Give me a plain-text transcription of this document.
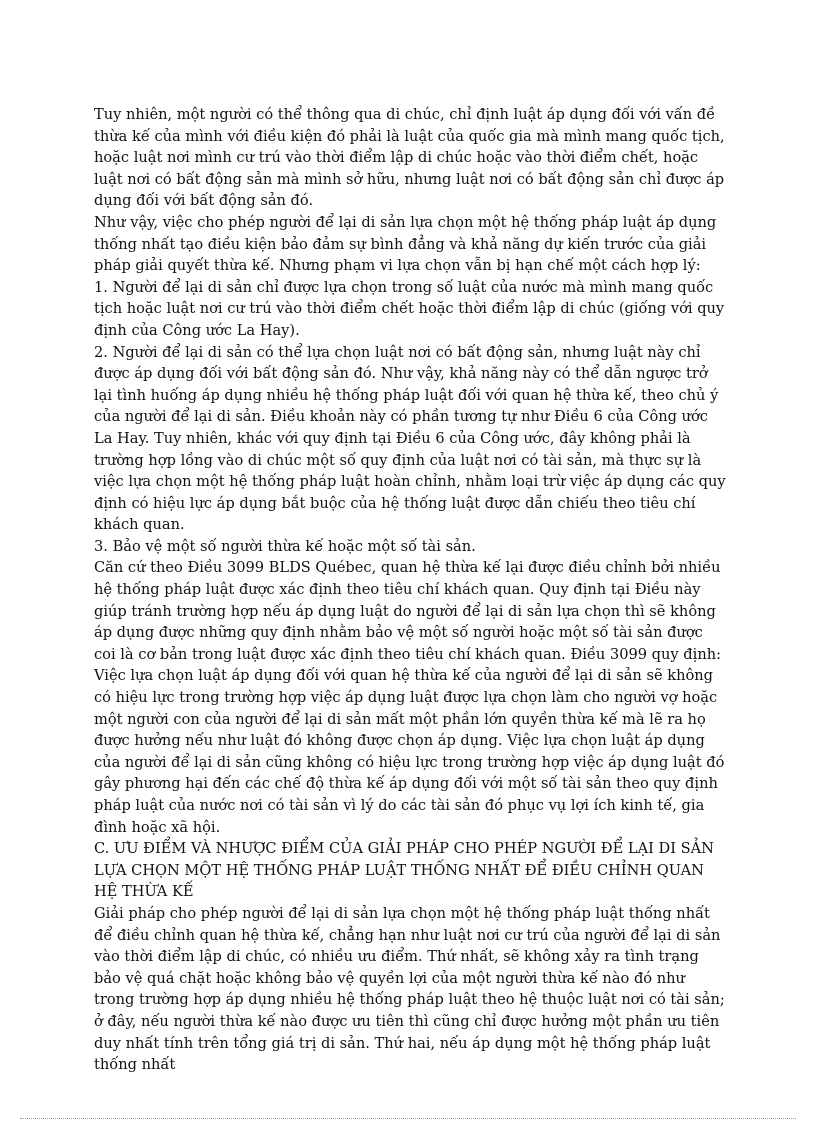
Tuy nhiên, một người có thể thông qua di chúc, chỉ định luật áp dụng đối với vấn đề thừa kế của mình với điều kiện đó phải là luật của quốc gia mà mình mang quốc tịch, hoặc luật nơi mình cư trú vào thời điểm lập di chúc hoặc vào thời điểm chết, hoặc luật nơi có bất động sản mà mình sở hữu, nhưng luật nơi có bất động sản chỉ được áp dụng đối với bất động sản đó.

Như vậy, việc cho phép người để lại di sản lựa chọn một hệ thống pháp luật áp dụng thống nhất tạo điều kiện bảo đảm sự bình đẳng và khả năng dự kiến trước của giải pháp giải quyết thừa kế. Nhưng phạm vi lựa chọn vẫn bị hạn chế một cách hợp lý:

1. Người để lại di sản chỉ được lựa chọn trong số luật của nước mà mình mang quốc tịch hoặc luật nơi cư trú vào thời điểm chết hoặc thời điểm lập di chúc (giống với quy định của Công ước La Hay).

2. Người để lại di sản có thể lựa chọn luật nơi có bất động sản, nhưng luật này chỉ được áp dụng đối với bất động sản đó. Như vậy, khả năng này có thể dẫn ngược trở lại tình huống áp dụng nhiều hệ thống pháp luật đối với quan hệ thừa kế, theo chủ ý của người để lại di sản. Điều khoản này có phần tương tự như Điều 6 của Công ước La Hay. Tuy nhiên, khác với quy định tại Điều 6 của Công ước, đây không phải là trường hợp lồng vào di chúc một số quy định của luật nơi có tài sản, mà thực sự là việc lựa chọn một hệ thống pháp luật hoàn chỉnh, nhằm loại trừ việc áp dụng các quy định có hiệu lực áp dụng bắt buộc của hệ thống luật được dẫn chiếu theo tiêu chí khách quan.

3. Bảo vệ một số người thừa kế hoặc một số tài sản.

Căn cứ theo Điều 3099 BLDS Québec, quan hệ thừa kế lại được điều chỉnh bởi nhiều hệ thống pháp luật được xác định theo tiêu chí khách quan. Quy định tại Điều này giúp tránh trường hợp nếu áp dụng luật do người để lại di sản lựa chọn thì sẽ không áp dụng được những quy định nhằm bảo vệ một số người hoặc một số tài sản được coi là cơ bản trong luật được xác định theo tiêu chí khách quan. Điều 3099 quy định:

Việc lựa chọn luật áp dụng đối với quan hệ thừa kế của người để lại di sản sẽ không có hiệu lực trong trường hợp việc áp dụng luật được lựa chọn làm cho người vợ hoặc một người con của người để lại di sản mất một phần lớn quyền thừa kế mà lẽ ra họ được hưởng nếu như luật đó không được chọn áp dụng. Việc lựa chọn luật áp dụng của người để lại di sản cũng không có hiệu lực trong trường hợp việc áp dụng luật đó gây phương hại đến các chế độ thừa kế áp dụng đối với một số tài sản theo quy định pháp luật của nước nơi có tài sản vì lý do các tài sản đó phục vụ lợi ích kinh tế, gia đình hoặc xã hội.

C. ƯU ĐIỂM VÀ NHƯỢC ĐIỂM CỦA GIẢI PHÁP CHO PHÉP NGƯỜI ĐỂ LẠI DI SẢN LỰA CHỌN MỘT HỆ THỐNG PHÁP LUẬT THỐNG NHẤT ĐỂ ĐIỀU CHỈNH QUAN HỆ THỪA KẾ

Giải pháp cho phép người để lại di sản lựa chọn một hệ thống pháp luật thống nhất để điều chỉnh quan hệ thừa kế, chẳng hạn như luật nơi cư trú của người để lại di sản vào thời điểm lập di chúc, có nhiều ưu điểm. Thứ nhất, sẽ không xảy ra tình trạng bảo vệ quá chặt hoặc không bảo vệ quyền lợi của một người thừa kế nào đó như trong trường hợp áp dụng nhiều hệ thống pháp luật theo hệ thuộc luật nơi có tài sản; ở đây, nếu người thừa kế nào được ưu tiên thì cũng chỉ được hưởng một phần ưu tiên duy nhất tính trên tổng giá trị di sản. Thứ hai, nếu áp dụng một hệ thống pháp luật thống nhất
